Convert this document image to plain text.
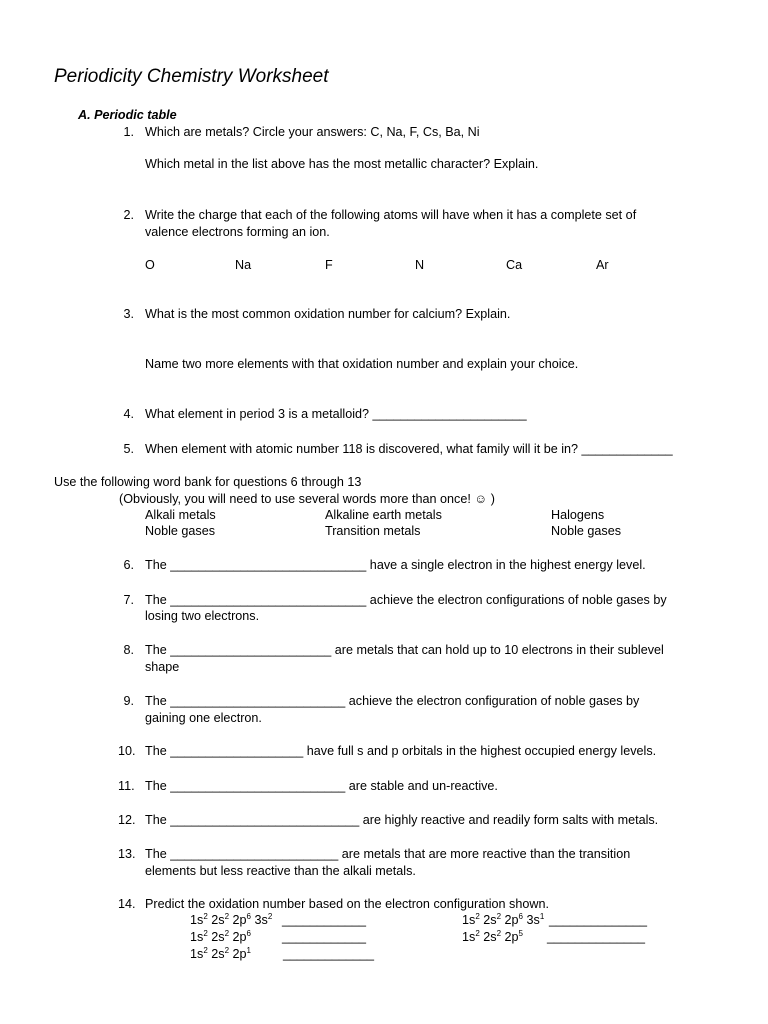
Periodicity Chemistry Worksheet
A. Periodic table
1. Which are metals? Circle your answers: C, Na, F, Cs, Ba, Ni
Which metal in the list above has the most metallic character? Explain.
2. Write the charge that each of the following atoms will have when it has a complete set of
valence electrons forming an ion.
O	Na	F	N	Ca	Ar
3. What is the most common oxidation number for calcium? Explain.
Name two more elements with that oxidation number and explain your choice.
4. What element in period 3 is a metalloid? ______________________
5. When element with atomic number 118 is discovered, what family will it be in? _____________
Use the following word bank for questions 6 through 13
(Obviously, you will need to use several words more than once! ☺ )
Alkali metals	Alkaline earth metals	Halogens
Noble gases	Transition metals	Noble gases
6. The ____________________________ have a single electron in the highest energy level.
7. The ____________________________ achieve the electron configurations of noble gases by
losing two electrons.
8. The _______________________ are metals that can hold up to 10 electrons in their sublevel
shape
9. The _________________________ achieve the electron configuration of noble gases by
gaining one electron.
10. The ___________________ have full s and p orbitals in the highest occupied energy levels.
11. The _________________________ are stable and un-reactive.
12. The ___________________________ are highly reactive and readily form salts with metals.
13. The ________________________ are metals that are more reactive than the transition
elements but less reactive than the alkali metals.
14. Predict the oxidation number based on the electron configuration shown.
$1s^2$ $2s^2$ $2p^6$ $3s^2$ ____________	$1s^2$ $2s^2$ $2p^6$ $3s^1$ ______________
$1s^2$ $2s^2$ $2p^6$ ____________	$1s^2$ $2s^2$ $2p^5$ ______________
$1s^2$ $2s^2$ $2p^1$	_____________
